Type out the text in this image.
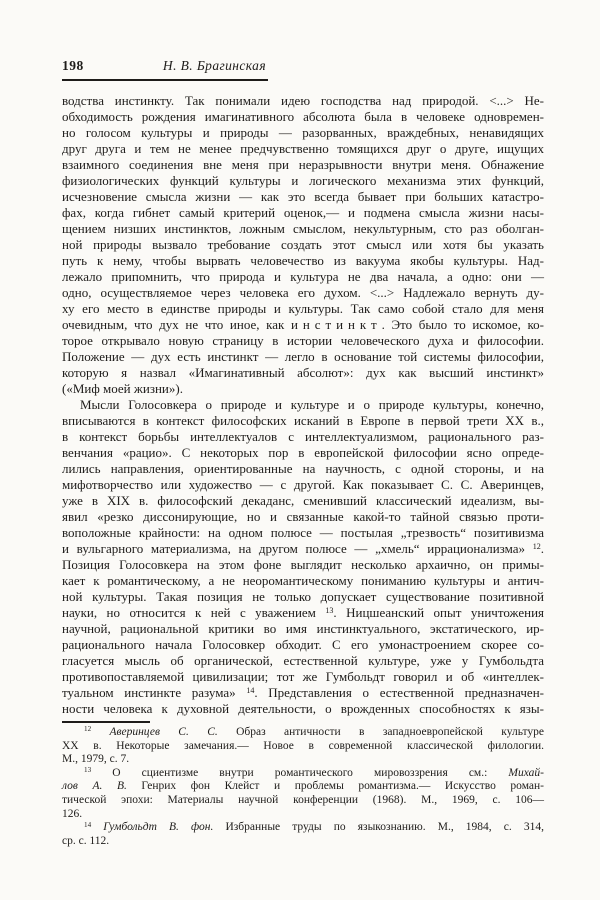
198	Н. В. Брагинская
водства инстинкту. Так понимали идею господства над природой. <...> Не-
обходимость рождения имагинативного абсолюта была в человеке одновремен-
но голосом культуры и природы — разорванных, враждебных, ненавидящих
друг друга и тем не менее предчувственно томящихся друг о друге, ищущих
взаимного соединения вне меня при неразрывности внутри меня. Обнажение
физиологических функций культуры и логического механизма этих функций,
исчезновение смысла жизни — как это всегда бывает при больших катастро-
фах, когда гибнет самый критерий оценок,— и подмена смысла жизни насы-
щением низших инстинктов, ложным смыслом, некультурным, сто раз оболган-
ной природы вызвало требование создать этот смысл или хотя бы указать
путь к нему, чтобы вырвать человечество из вакуума якобы культуры. Над-
лежало припомнить, что природа и культура не два начала, а одно: они —
одно, осуществляемое через человека его духом. <...> Надлежало вернуть ду-
ху его место в единстве природы и культуры. Так само собой стало для меня
очевидным, что дух не что иное, как инстинкт. Это было то искомое, ко-
торое открывало новую страницу в истории человеческого духа и философии.
Положение — дух есть инстинкт — легло в основание той системы философии,
которую я назвал «Имагинативный абсолют»: дух как высший инстинкт»
(«Миф моей жизни»).
Мысли Голосовкера о природе и культуре и о природе культуры, конечно,
вписываются в контекст философских исканий в Европе в первой трети XX в.,
в контекст борьбы интеллектуалов с интеллектуализмом, рационального раз-
венчания «рацио». С некоторых пор в европейской философии ясно опреде-
лились направления, ориентированные на научность, с одной стороны, и на
мифотворчество или художество — с другой. Как показывает С. С. Аверинцев,
уже в XIX в. философский декаданс, сменивший классический идеализм, вы-
явил «резко диссонирующие, но и связанные какой-то тайной связью проти-
воположные крайности: на одном полюсе — постылая „трезвость“ позитивизма
и вульгарного материализма, на другом полюсе — „хмель“ иррационализма» $^{12}$.
Позиция Голосовкера на этом фоне выглядит несколько архаично, он примы-
кает к романтическому, а не неоромантическому пониманию культуры и антич-
ной культуры. Такая позиция не только допускает существование позитивной
науки, но относится к ней с уважением $^{13}$. Ницшеанский опыт уничтожения
научной, рациональной критики во имя инстинктуального, экстатического, ир-
рационального начала Голосовкер обходит. С его умонастроением скорее со-
гласуется мысль об органической, естественной культуре, уже у Гумбольдта
противопоставляемой цивилизации; тот же Гумбольдт говорил и об «интеллек-
туальном инстинкте разума» $^{14}$. Представления о естественной предназначен-
ности человека к духовной деятельности, о врожденных способностях к язы-
$^{12}$ Аверинцев С. С. Образ античности в западноевропейской культуре
XX в. Некоторые замечания.— Новое в современной классической филологии.
М., 1979, с. 7.
$^{13}$ О сциентизме внутри романтического мировоззрения см.: Михай-
лов А. В. Генрих фон Клейст и проблемы романтизма.— Искусство роман-
тической эпохи: Материалы научной конференции (1968). М., 1969, с. 106—
126.
$^{14}$ Гумбольдт В. фон. Избранные труды по языкознанию. М., 1984, с. 314,
ср. с. 112.
